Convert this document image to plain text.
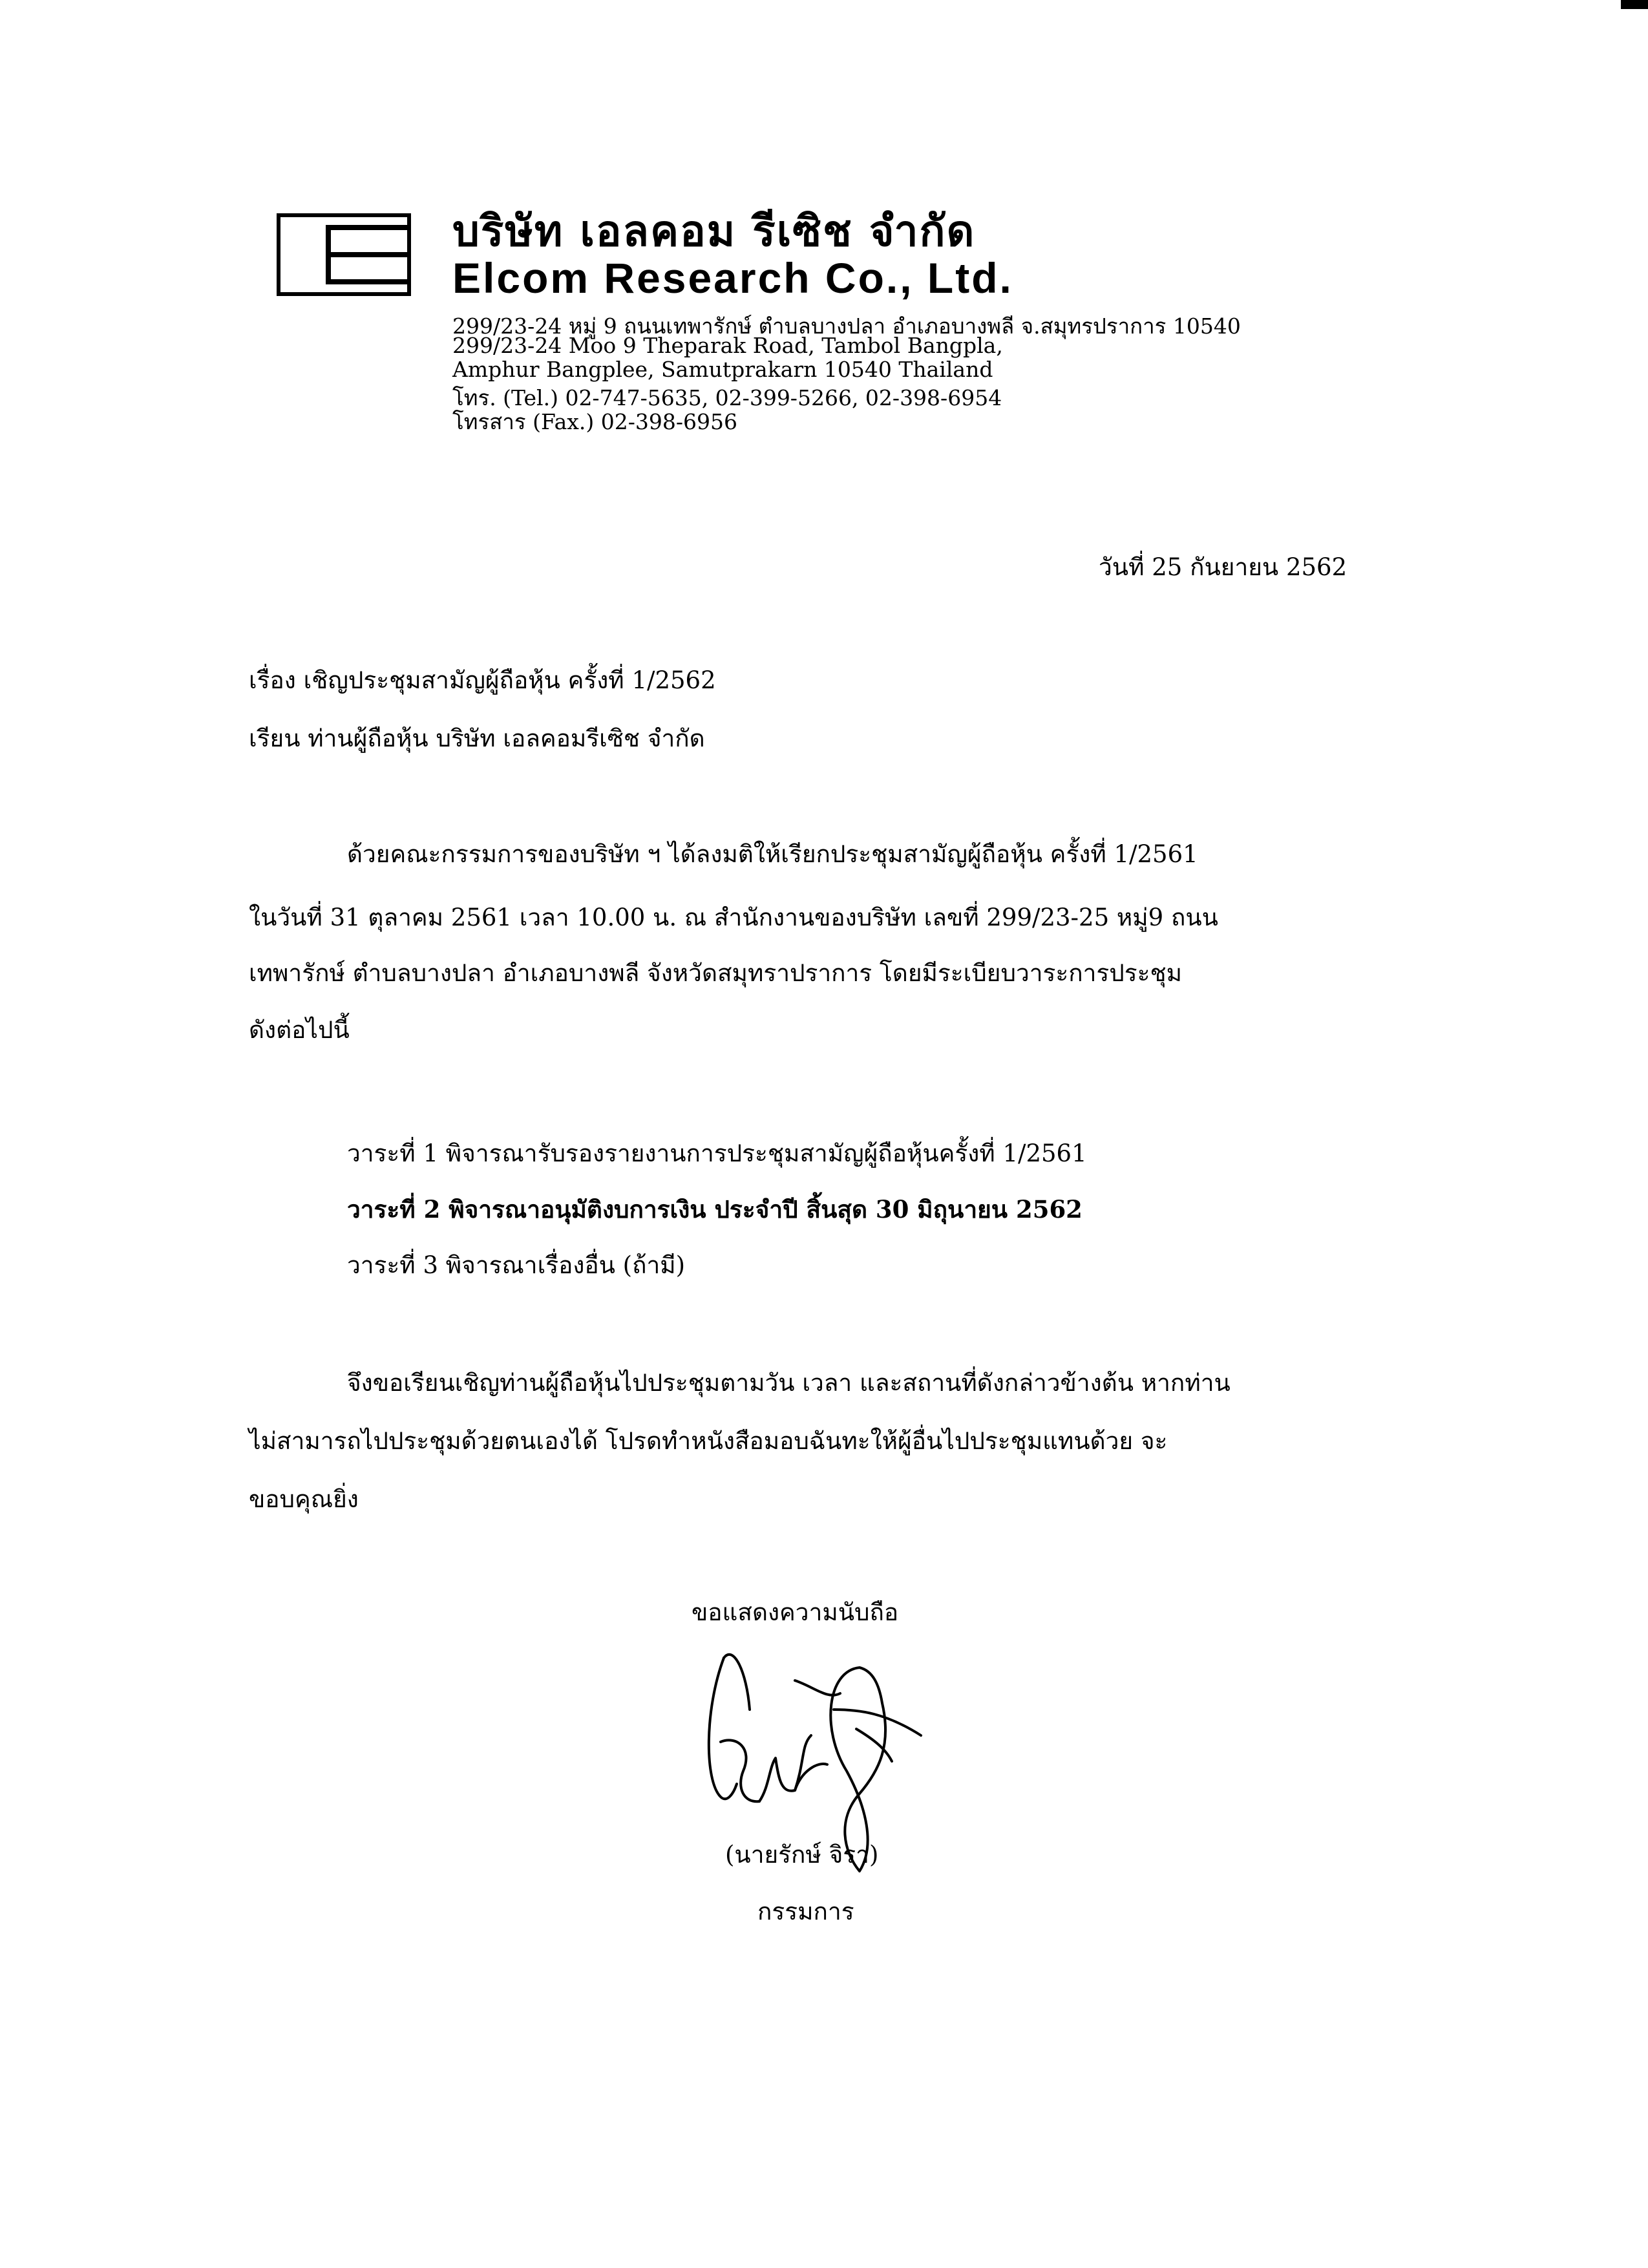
บริษัท เอลคอม รีเซิช จำกัด
Elcom Research Co., Ltd.
299/23-24 หมู่ 9 ถนนเทพารักษ์ ตำบลบางปลา อำเภอบางพลี จ.สมุทรปราการ 10540
299/23-24 Moo 9 Theparak Road, Tambol Bangpla,
Amphur Bangplee, Samutprakarn 10540 Thailand
โทร. (Tel.) 02-747-5635, 02-399-5266, 02-398-6954
โทรสาร (Fax.) 02-398-6956
วันที่ 25 กันยายน 2562
เรื่อง เชิญประชุมสามัญผู้ถือหุ้น ครั้งที่ 1/2562
เรียน ท่านผู้ถือหุ้น บริษัท เอลคอมรีเซิช จำกัด
ด้วยคณะกรรมการของบริษัท ฯ ได้ลงมติให้เรียกประชุมสามัญผู้ถือหุ้น ครั้งที่ 1/2561
ในวันที่ 31 ตุลาคม 2561 เวลา 10.00 น. ณ สำนักงานของบริษัท เลขที่ 299/23-25 หมู่9 ถนน
เทพารักษ์ ตำบลบางปลา อำเภอบางพลี จังหวัดสมุทราปราการ โดยมีระเบียบวาระการประชุม
ดังต่อไปนี้
วาระที่ 1 พิจารณารับรองรายงานการประชุมสามัญผู้ถือหุ้นครั้งที่ 1/2561
วาระที่ 2 พิจารณาอนุมัติงบการเงิน ประจำปี สิ้นสุด 30 มิถุนายน 2562
วาระที่ 3 พิจารณาเรื่องอื่น (ถ้ามี)
จึงขอเรียนเชิญท่านผู้ถือหุ้นไปประชุมตามวัน เวลา และสถานที่ดังกล่าวข้างต้น หากท่าน
ไม่สามารถไปประชุมด้วยตนเองได้ โปรดทำหนังสือมอบฉันทะให้ผู้อื่นไปประชุมแทนด้วย จะ
ขอบคุณยิ่ง
ขอแสดงความนับถือ
(นายรักษ์ จิรา)
กรรมการ
